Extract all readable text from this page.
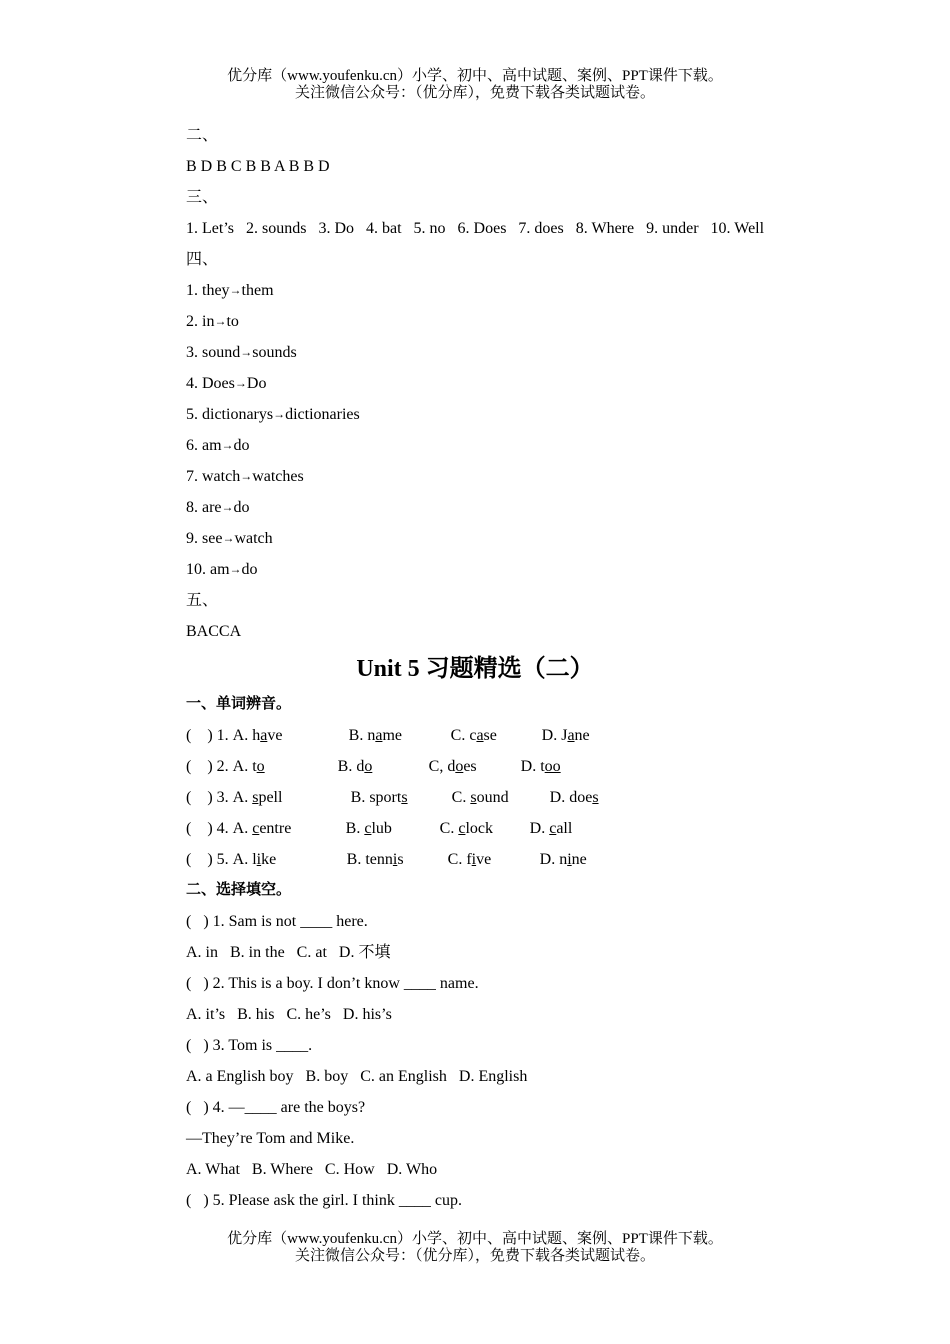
优分库（www.youfenku.cn）小学、初中、高中试题、案例、PPT课件下载。
关注微信公众号：（优分库），免费下载各类试题试卷。
二、
B D B C B B A B B D
三、
1. Let’s   2. sounds   3. Do   4. bat   5. no   6. Does   7. does   8. Where   9. under   10. Well
四、
1. they→them
2. in→to
3. sound→sounds
4. Does→Do
5. dictionarys→dictionaries
6. am→do
7. watch→watches
8. are→do
9. see→watch
10. am→do
五、
BACCA
Unit 5 习题精选（二）
一、单词辨音。
(    ) 1. A. have	B. name	C. case	D. Jane
(    ) 2. A. to	B. do	C, does	D. too
(    ) 3. A. spell	B. sports	C. sound	D. does
(    ) 4. A. centre	B. club	C. clock D. call
(    ) 5. A. like	B. tennis	C. five	D. nine
二、选择填空。
(   ) 1. Sam is not ____ here.
A. in   B. in the   C. at   D. 不填
(   ) 2. This is a boy. I don’t know ____ name.
A. it’s   B. his   C. he’s   D. his’s
(   ) 3. Tom is ____.
A. a English boy   B. boy   C. an English   D. English
(   ) 4. —____ are the boys?
—They’re Tom and Mike.
A. What   B. Where   C. How   D. Who
(   ) 5. Please ask the girl. I think ____ cup.
优分库（www.youfenku.cn）小学、初中、高中试题、案例、PPT课件下载。
关注微信公众号：（优分库），免费下载各类试题试卷。
